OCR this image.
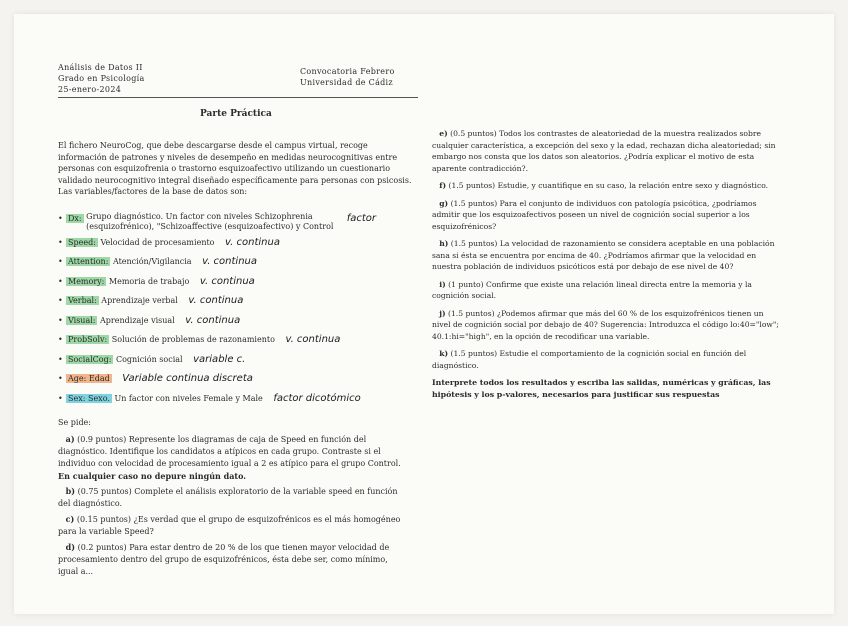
Análisis de Datos II
Grado en Psicología
25-enero-2024
Convocatoria Febrero
Universidad de Cádiz
Parte Práctica
El fichero NeuroCog, que debe descargarse desde el campus virtual, recoge información de patrones y niveles de desempeño en medidas neurocognitivas entre personas con esquizofrenia o trastorno esquizoafectivo utilizando un cuestionario validado neurocognitivo integral diseñado específicamente para personas con psicosis. Las variables/factores de la base de datos son:
• Dx: Grupo diagnóstico. Un factor con niveles Schizophrenia (esquizofrénico), "Schizoaffective (esquizoafectivo) y Control factor
• Speed: Velocidad de procesamiento v. continua
• Attention: Atención/Vigilancia v. continua
• Memory: Memoria de trabajo v. continua
• Verbal: Aprendizaje verbal v. continua
• Visual: Aprendizaje visual v. continua
• ProbSolv: Solución de problemas de razonamiento v. continua
• SocialCog: Cognición social variable c.
• Age: Edad Variable continua discreta
• Sex: Sexo. Un factor con niveles Female y Male factor dicotómico
Se pide:
a) (0.9 puntos) Represente los diagramas de caja de Speed en función del diagnóstico. Identifique los candidatos a atípicos en cada grupo. Contraste si el individuo con velocidad de procesamiento igual a 2 es atípico para el grupo Control. En cualquier caso no depure ningún dato.
b) (0.75 puntos) Complete el análisis exploratorio de la variable speed en función del diagnóstico.
c) (0.15 puntos) ¿Es verdad que el grupo de esquizofrénicos es el más homogéneo para la variable Speed?
d) (0.2 puntos) Para estar dentro de 20 % de los que tienen mayor velocidad de procesamiento dentro del grupo de esquizofrénicos, ésta debe ser, como mínimo, igual a...

e) (0.5 puntos) Todos los contrastes de aleatoriedad de la muestra realizados sobre cualquier característica, a excepción del sexo y la edad, rechazan dicha aleatoriedad; sin embargo nos consta que los datos son aleatorios. ¿Podría explicar el motivo de esta aparente contradicción?.

f) (1.5 puntos) Estudie, y cuantifique en su caso, la relación entre sexo y diagnóstico.

g) (1.5 puntos) Para el conjunto de individuos con patología psicótica, ¿podríamos admitir que los esquizoafectivos poseen un nivel de cognición social superior a los esquizofrénicos?

h) (1.5 puntos) La velocidad de razonamiento se considera aceptable en una población sana si ésta se encuentra por encima de 40. ¿Podríamos afirmar que la velocidad en nuestra población de individuos psicóticos está por debajo de ese nivel de 40?

i) (1 punto) Confirme que existe una relación lineal directa entre la memoria y la cognición social.

j) (1.5 puntos) ¿Podemos afirmar que más del 60 % de los esquizofrénicos tienen un nivel de cognición social por debajo de 40? Sugerencia: Introduzca el código lo:40="low"; 40.1:hi="high", en la opción de recodificar una variable.

k) (1.5 puntos) Estudie el comportamiento de la cognición social en función del diagnóstico.

Interprete todos los resultados y escriba las salidas, numéricas y gráficas, las hipótesis y los p-valores, necesarios para justificar sus respuestas
